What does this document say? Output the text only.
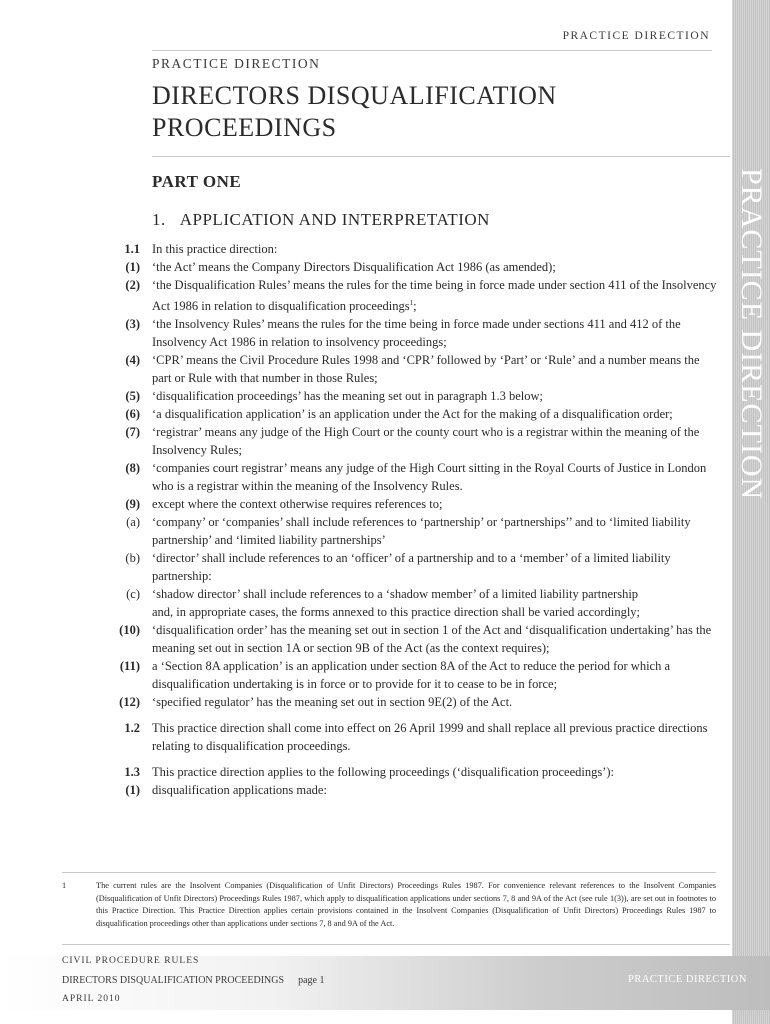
PRACTICE DIRECTION
PRACTICE DIRECTION
PRACTICE DIRECTION
DIRECTORS DISQUALIFICATION PROCEEDINGS
PART ONE
1. APPLICATION AND INTERPRETATION
1.1 In this practice direction:
(1) ‘the Act’ means the Company Directors Disqualification Act 1986 (as amended);
(2) ‘the Disqualification Rules’ means the rules for the time being in force made under section 411 of the Insolvency Act 1986 in relation to disqualification proceedings$^1$;
(3) ‘the Insolvency Rules’ means the rules for the time being in force made under sections 411 and 412 of the Insolvency Act 1986 in relation to insolvency proceedings;
(4) ‘CPR’ means the Civil Procedure Rules 1998 and ‘CPR’ followed by ‘Part’ or ‘Rule’ and a number means the part or Rule with that number in those Rules;
(5) ‘disqualification proceedings’ has the meaning set out in paragraph 1.3 below;
(6) ‘a disqualification application’ is an application under the Act for the making of a disqualification order;
(7) ‘registrar’ means any judge of the High Court or the county court who is a registrar within the meaning of the Insolvency Rules;
(8) ‘companies court registrar’ means any judge of the High Court sitting in the Royal Courts of Justice in London who is a registrar within the meaning of the Insolvency Rules.
(9) except where the context otherwise requires references to;
(a) ‘company’ or ‘companies’ shall include references to ‘partnership’ or ‘partnerships’’ and to ‘limited liability partnership’ and ‘limited liability partnerships’
(b) ‘director’ shall include references to an ‘officer’ of a partnership and to a ‘member’ of a limited liability partnership:
(c) ‘shadow director’ shall include references to a ‘shadow member’ of a limited liability partnership
and, in appropriate cases, the forms annexed to this practice direction shall be varied accordingly;
(10) ‘disqualification order’ has the meaning set out in section 1 of the Act and ‘disqualification undertaking’ has the meaning set out in section 1A or section 9B of the Act (as the context requires);
(11) a ‘Section 8A application’ is an application under section 8A of the Act to reduce the period for which a disqualification undertaking is in force or to provide for it to cease to be in force;
(12) ‘specified regulator’ has the meaning set out in section 9E(2) of the Act.
1.2 This practice direction shall come into effect on 26 April 1999 and shall replace all previous practice directions relating to disqualification proceedings.
1.3 This practice direction applies to the following proceedings (‘disqualification proceedings’):
(1) disqualification applications made:
1	The current rules are the Insolvent Companies (Disqualification of Unfit Directors) Proceedings Rules 1987. For convenience relevant references to the Insolvent Companies (Disqualification of Unfit Directors) Proceedings Rules 1987, which apply to disqualification applications under sections 7, 8 and 9A of the Act (see rule 1(3)), are set out in footnotes to this Practice Direction. This Practice Direction applies certain provisions contained in the Insolvent Companies (Disqualification of Unfit Directors) Proceedings Rules 1987 to disqualification proceedings other than applications under sections 7, 8 and 9A of the Act.
CIVIL PROCEDURE RULES
DIRECTORS DISQUALIFICATION PROCEEDINGS page 1
APRIL 2010
PRACTICE DIRECTION
